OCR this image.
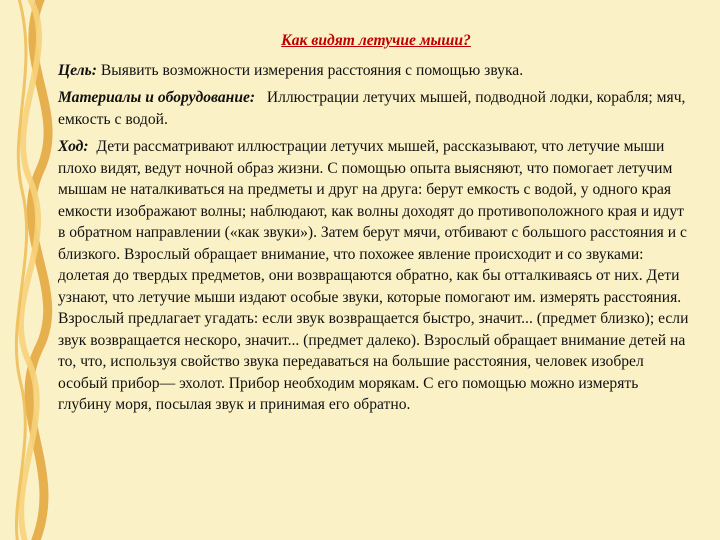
Как видят летучие мыши?

Цель: Выявить возможности измерения расстояния с помощью звука.

Материалы и оборудование: Иллюстрации летучих мышей, подводной лодки, корабля; мяч, емкость с водой.

Ход: Дети рассматривают иллюстрации летучих мышей, рассказывают, что летучие мыши плохо видят, ведут ночной образ жизни. С помощью опыта выясняют, что помогает летучим мышам не наталкиваться на предметы и друг на друга: берут емкость с водой, у одного края емкости изображают волны; наблюдают, как волны доходят до противоположного края и идут в обратном направлении («как звуки»). Затем берут мячи, отбивают с большого расстояния и с близкого. Взрослый обращает внимание, что похожее явление происходит и со звуками: долетая до твердых предметов, они возвращаются обратно, как бы отталкиваясь от них. Дети узнают, что летучие мыши издают особые звуки, которые помогают им. измерять расстояния. Взрослый предлагает угадать: если звук возвращается быстро, значит... (предмет близко); если звук возвращается нескоро, значит... (предмет далеко). Взрослый обращает внимание детей на то, что, используя свойство звука передаваться на большие расстояния, человек изобрел особый прибор— эхолот. Прибор необходим морякам. С его помощью можно измерять глубину моря, посылая звук и принимая его обратно.
